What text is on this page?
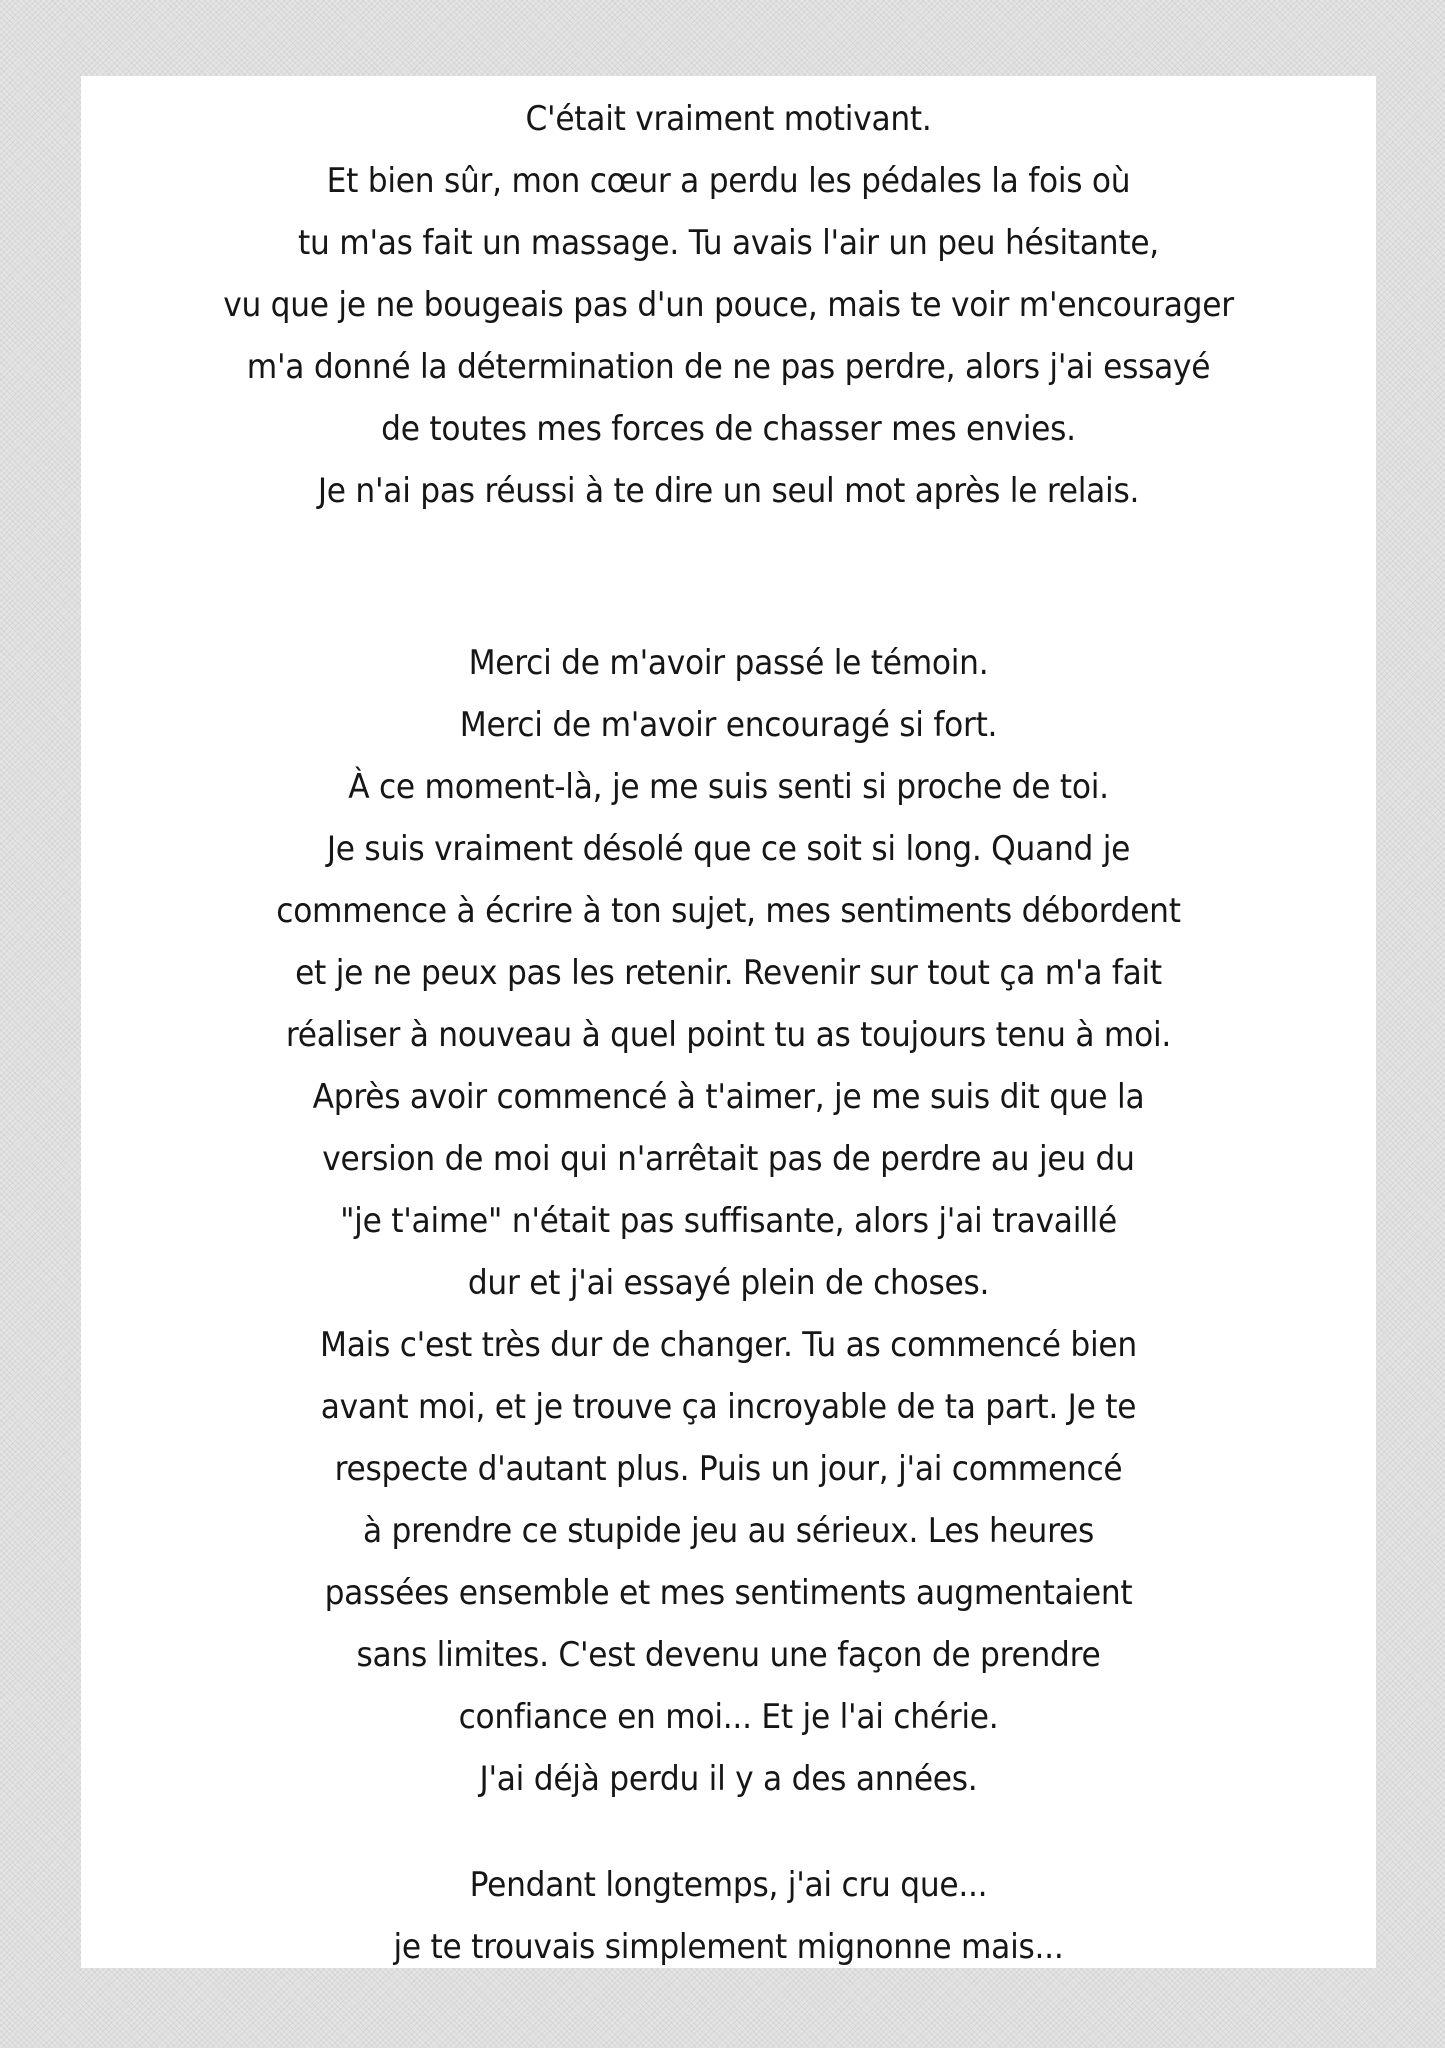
C'était vraiment motivant.
Et bien sûr, mon cœur a perdu les pédales la fois où
tu m'as fait un massage. Tu avais l'air un peu hésitante,
vu que je ne bougeais pas d'un pouce, mais te voir m'encourager
m'a donné la détermination de ne pas perdre, alors j'ai essayé
de toutes mes forces de chasser mes envies.
Je n'ai pas réussi à te dire un seul mot après le relais.
Merci de m'avoir passé le témoin.
Merci de m'avoir encouragé si fort.
À ce moment-là, je me suis senti si proche de toi.
Je suis vraiment désolé que ce soit si long. Quand je
commence à écrire à ton sujet, mes sentiments débordent
et je ne peux pas les retenir. Revenir sur tout ça m'a fait
réaliser à nouveau à quel point tu as toujours tenu à moi.
Après avoir commencé à t'aimer, je me suis dit que la
version de moi qui n'arrêtait pas de perdre au jeu du
"je t'aime" n'était pas suffisante, alors j'ai travaillé
dur et j'ai essayé plein de choses.
Mais c'est très dur de changer. Tu as commencé bien
avant moi, et je trouve ça incroyable de ta part. Je te
respecte d'autant plus. Puis un jour, j'ai commencé
à prendre ce stupide jeu au sérieux. Les heures
passées ensemble et mes sentiments augmentaient
sans limites. C'est devenu une façon de prendre
confiance en moi... Et je l'ai chérie.
J'ai déjà perdu il y a des années.
Pendant longtemps, j'ai cru que...
je te trouvais simplement mignonne mais...
